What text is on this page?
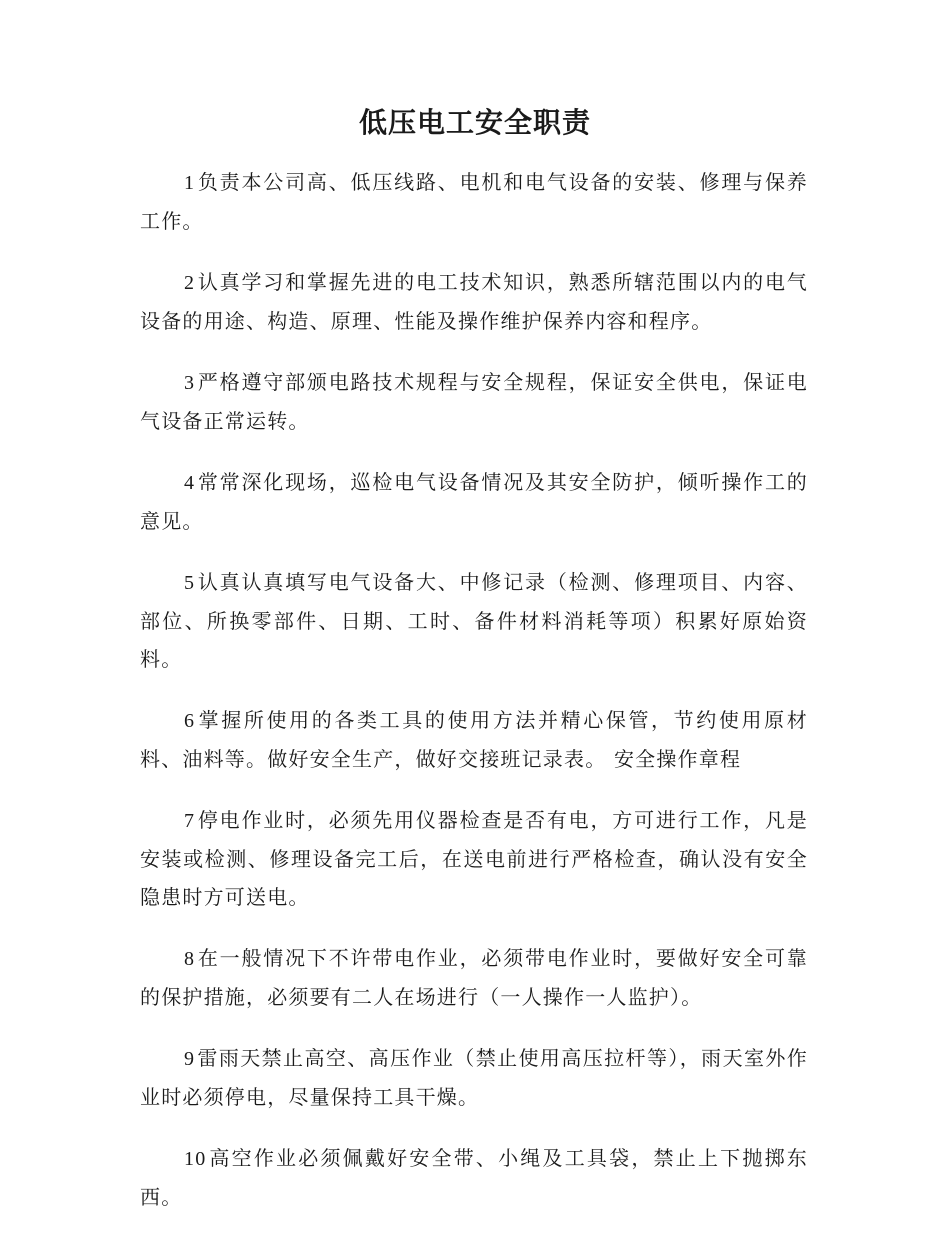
低压电工安全职责

1 负责本公司高、低压线路、电机和电气设备的安装、修理与保养工作。

2 认真学习和掌握先进的电工技术知识，熟悉所辖范围以内的电气设备的用途、构造、原理、性能及操作维护保养内容和程序。

3 严格遵守部颁电路技术规程与安全规程，保证安全供电，保证电气设备正常运转。

4 常常深化现场，巡检电气设备情况及其安全防护，倾听操作工的意见。

5 认真认真填写电气设备大、中修记录（检测、修理项目、内容、部位、所换零部件、日期、工时、备件材料消耗等项）积累好原始资料。

6 掌握所使用的各类工具的使用方法并精心保管，节约使用原材料、油料等。做好安全生产，做好交接班记录表。 安全操作章程

7 停电作业时，必须先用仪器检查是否有电，方可进行工作，凡是安装或检测、修理设备完工后，在送电前进行严格检查，确认没有安全隐患时方可送电。

8 在一般情况下不许带电作业，必须带电作业时，要做好安全可靠的保护措施，必须要有二人在场进行（一人操作一人监护）。

9 雷雨天禁止高空、高压作业（禁止使用高压拉杆等），雨天室外作业时必须停电，尽量保持工具干燥。

10 高空作业必须佩戴好安全带、小绳及工具袋，禁止上下抛掷东西。
